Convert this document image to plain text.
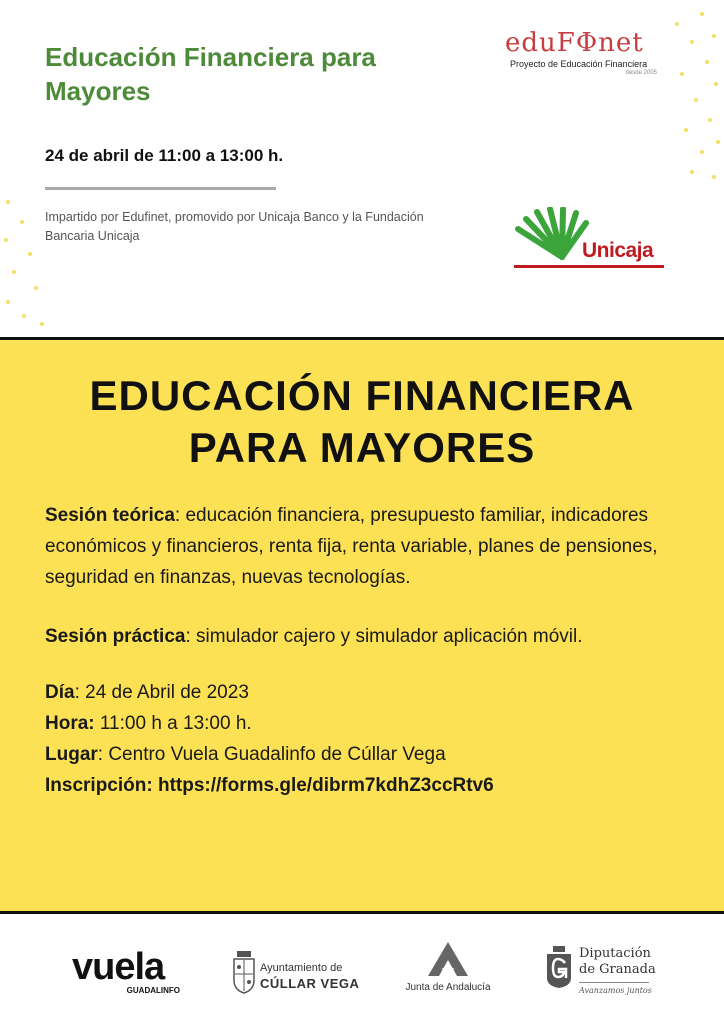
Educación Financiera para Mayores
24 de abril de 11:00 a 13:00 h.

Impartido por Edufinet, promovido por Unicaja Banco y la Fundación Bancaria Unicaja

eduFΦnet
Proyecto de Educación Financiera
desde 2005
Unicaja
EDUCACIÓN FINANCIERA
PARA MAYORES

Sesión teórica: educación financiera, presupuesto familiar, indicadores económicos y financieros, renta fija, renta variable, planes de pensiones, seguridad en finanzas, nuevas tecnologías.

Sesión práctica: simulador cajero y simulador aplicación móvil.

Día: 24 de Abril de 2023
Hora: 11:00 h a 13:00 h.
Lugar: Centro Vuela Guadalinfo de Cúllar Vega
Inscripción: https://forms.gle/dibrm7kdhZ3ccRtv6
vuela
GUADALINFO
Ayuntamiento de
CÚLLAR VEGA	Junta de Andalucía
Diputación
de Granada
Avanzamos juntos
